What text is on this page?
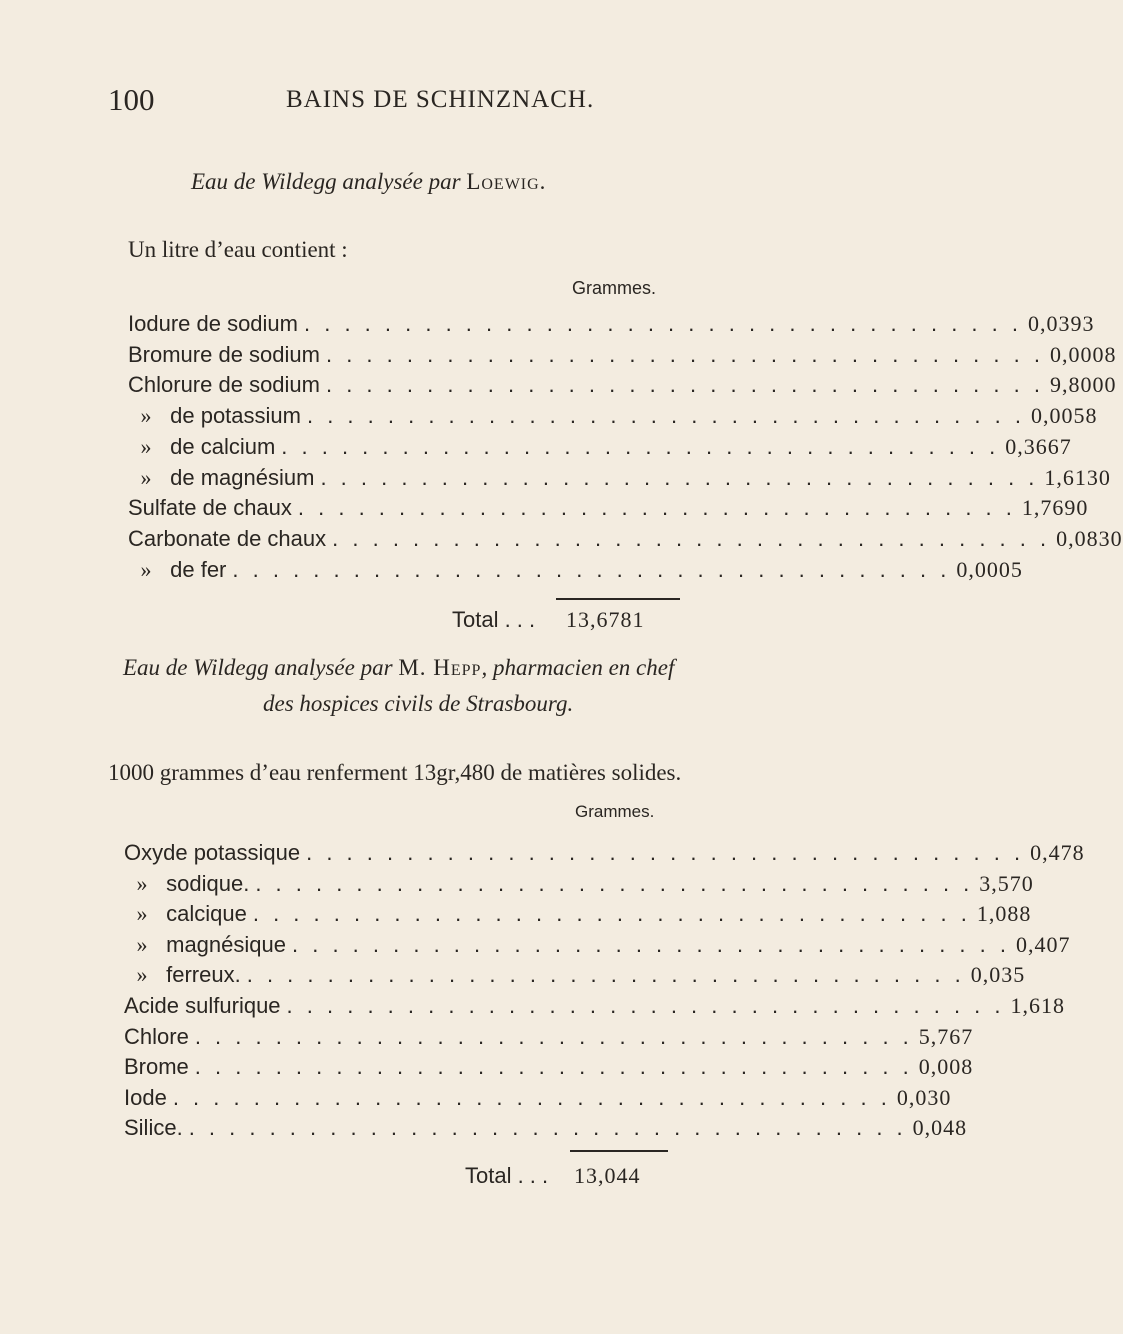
100	BAINS DE SCHINZNACH.
Eau de Wildegg analysée par Loewig.
Un litre d’eau contient :
Grammes.
Iodure de sodium . . . . . . . . . . . . . . . . . . . . . . . . . . . . . . . . . . . . 0,0393
Bromure de sodium . . . . . . . . . . . . . . . . . . . . . . . . . . . . . . . . . . . . 0,0008
Chlorure de sodium . . . . . . . . . . . . . . . . . . . . . . . . . . . . . . . . . . . . 9,8000
» de potassium . . . . . . . . . . . . . . . . . . . . . . . . . . . . . . . . . . . . 0,0058
» de calcium . . . . . . . . . . . . . . . . . . . . . . . . . . . . . . . . . . . . 0,3667
» de magnésium . . . . . . . . . . . . . . . . . . . . . . . . . . . . . . . . . . . . 1,6130
Sulfate de chaux . . . . . . . . . . . . . . . . . . . . . . . . . . . . . . . . . . . . 1,7690
Carbonate de chaux . . . . . . . . . . . . . . . . . . . . . . . . . . . . . . . . . . . . 0,0830
» de fer . . . . . . . . . . . . . . . . . . . . . . . . . . . . . . . . . . . . 0,0005
Total . . . 13,6781
Eau de Wildegg analysée par M. Hepp, pharmacien en chef
des hospices civils de Strasbourg.
1000 grammes d’eau renferment 13gr,480 de matières solides.
Grammes.
Oxyde potassique . . . . . . . . . . . . . . . . . . . . . . . . . . . . . . . . . . . . 0,478
» sodique. . . . . . . . . . . . . . . . . . . . . . . . . . . . . . . . . . . . . 3,570
» calcique . . . . . . . . . . . . . . . . . . . . . . . . . . . . . . . . . . . . 1,088
» magnésique . . . . . . . . . . . . . . . . . . . . . . . . . . . . . . . . . . . . 0,407
» ferreux. . . . . . . . . . . . . . . . . . . . . . . . . . . . . . . . . . . . . 0,035
Acide sulfurique . . . . . . . . . . . . . . . . . . . . . . . . . . . . . . . . . . . . 1,618
Chlore . . . . . . . . . . . . . . . . . . . . . . . . . . . . . . . . . . . . 5,767
Brome . . . . . . . . . . . . . . . . . . . . . . . . . . . . . . . . . . . . 0,008
Iode . . . . . . . . . . . . . . . . . . . . . . . . . . . . . . . . . . . . 0,030
Silice. . . . . . . . . . . . . . . . . . . . . . . . . . . . . . . . . . . . . 0,048
Total . . . 13,044
